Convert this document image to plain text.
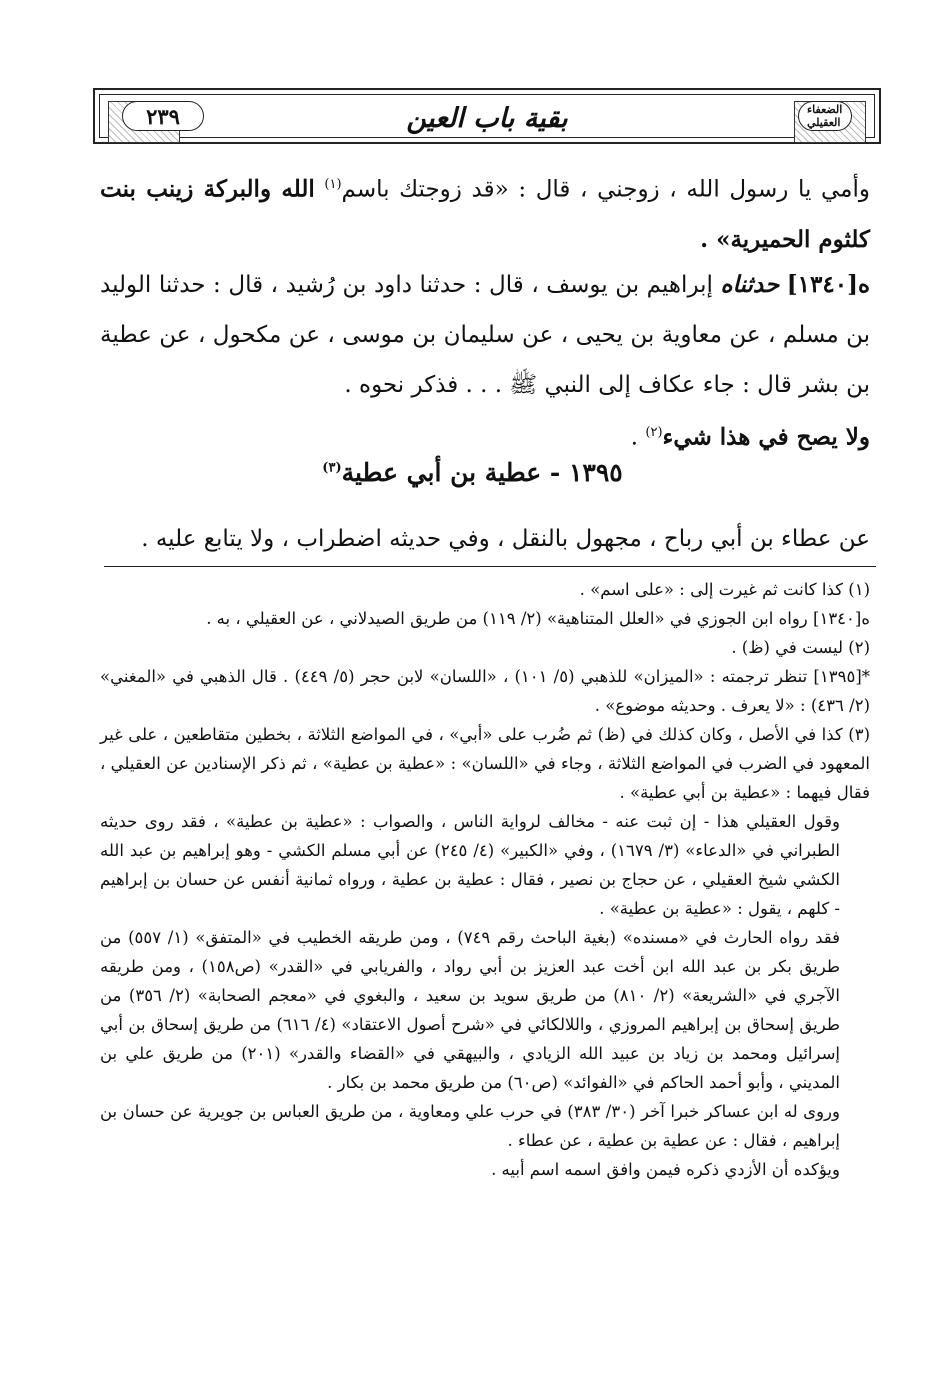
٢٣٩	بقية باب العين	الضعفاء العقيلي
وأمي يا رسول الله ، زوجني ، قال : «قد زوجتك باسم$^{(١)}$ الله والبركة زينب بنت كلثوم الحميرية» .
ه[١٣٤٠] حدثناه إبراهيم بن يوسف ، قال : حدثنا داود بن رُشيد ، قال : حدثنا الوليد بن مسلم ، عن معاوية بن يحيى ، عن سليمان بن موسى ، عن مكحول ، عن عطية بن بشر قال : جاء عكاف إلى النبي ﷺ . . . فذكر نحوه .
ولا يصح في هذا شيء$^{(٢)}$ .
١٣٩٥ - عطية بن أبي عطية$^{(٣)}$
عن عطاء بن أبي رباح ، مجهول بالنقل ، وفي حديثه اضطراب ، ولا يتابع عليه .

(١) كذا كانت ثم غيرت إلى : «على اسم» .

ه[١٣٤٠] رواه ابن الجوزي في «العلل المتناهية» (٢/ ١١٩) من طريق الصيدلاني ، عن العقيلي ، به .

(٢) ليست في (ظ) .

*[١٣٩٥] تنظر ترجمته : «الميزان» للذهبي (٥/ ١٠١) ، «اللسان» لابن حجر (٥/ ٤٤٩) . قال الذهبي في «المغني» (٢/ ٤٣٦) : «لا يعرف . وحديثه موضوع» .

(٣) كذا في الأصل ، وكان كذلك في (ظ) ثم ضُرب على «أبي» ، في المواضع الثلاثة ، بخطين متقاطعين ، على غير المعهود في الضرب في المواضع الثلاثة ، وجاء في «اللسان» : «عطية بن عطية» ، ثم ذكر الإسنادين عن العقيلي ، فقال فيهما : «عطية بن أبي عطية» .

وقول العقيلي هذا - إن ثبت عنه - مخالف لرواية الناس ، والصواب : «عطية بن عطية» ، فقد روى حديثه الطبراني في «الدعاء» (٣/ ١٦٧٩) ، وفي «الكبير» (٤/ ٢٤٥) عن أبي مسلم الكشي - وهو إبراهيم بن عبد الله الكشي شيخ العقيلي ، عن حجاج بن نصير ، فقال : عطية بن عطية ، ورواه ثمانية أنفس عن حسان بن إبراهيم - كلهم ، يقول : «عطية بن عطية» .

فقد رواه الحارث في «مسنده» (بغية الباحث رقم ٧٤٩) ، ومن طريقه الخطيب في «المتفق» (١/ ٥٥٧) من طريق بكر بن عبد الله ابن أخت عبد العزيز بن أبي رواد ، والفريابي في «القدر» (ص١٥٨) ، ومن طريقه الآجري في «الشريعة» (٢/ ٨١٠) من طريق سويد بن سعيد ، والبغوي في «معجم الصحابة» (٢/ ٣٥٦) من طريق إسحاق بن إبراهيم المروزي ، واللالكائي في «شرح أصول الاعتقاد» (٤/ ٦١٦) من طريق إسحاق بن أبي إسرائيل ومحمد بن زياد بن عبيد الله الزيادي ، والبيهقي في «القضاء والقدر» (٢٠١) من طريق علي بن المديني ، وأبو أحمد الحاكم في «الفوائد» (ص٦٠) من طريق محمد بن بكار .

وروى له ابن عساكر خبرا آخر (٣٠/ ٣٨٣) في حرب علي ومعاوية ، من طريق العباس بن جويرية عن حسان بن إبراهيم ، فقال : عن عطية بن عطية ، عن عطاء .

ويؤكده أن الأزدي ذكره فيمن وافق اسمه اسم أبيه .
